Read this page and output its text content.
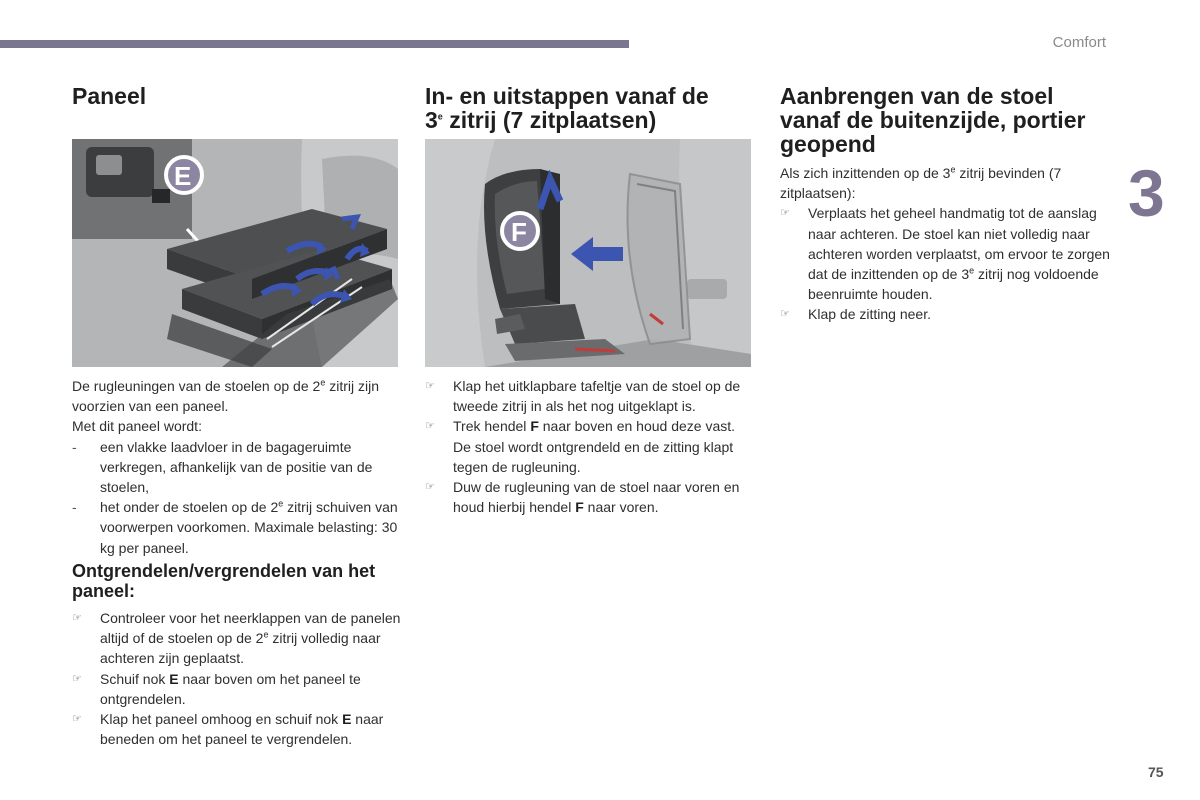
Comfort
3
75
Paneel
E

De rugleuningen van de stoelen op de 2e zitrij zijn voorzien van een paneel.

Met dit paneel wordt:

-	een vlakke laadvloer in de bagageruimte verkregen, afhankelijk van de positie van de stoelen,
-	het onder de stoelen op de 2e zitrij schuiven van voorwerpen voorkomen. Maximale belasting: 30 kg per paneel.
Ontgrendelen/vergrendelen van het paneel:
☞	Controleer voor het neerklappen van de panelen altijd of de stoelen op de 2e zitrij volledig naar achteren zijn geplaatst.
☞	Schuif nok E naar boven om het paneel te ontgrendelen.
☞	Klap het paneel omhoog en schuif nok E naar beneden om het paneel te vergrendelen.
In- en uitstappen vanaf de
3e zitrij (7 zitplaatsen)
F
☞	Klap het uitklapbare tafeltje van de stoel op de tweede zitrij in als het nog uitgeklapt is.
☞	Trek hendel F naar boven en houd deze vast. De stoel wordt ontgrendeld en de zitting klapt tegen de rugleuning.
☞	Duw de rugleuning van de stoel naar voren en houd hierbij hendel F naar voren.
Aanbrengen van de stoel vanaf de buitenzijde, portier geopend

Als zich inzittenden op de 3e zitrij bevinden (7 zitplaatsen):

☞	Verplaats het geheel handmatig tot de aanslag naar achteren. De stoel kan niet volledig naar achteren worden verplaatst, om ervoor te zorgen dat de inzittenden op de 3e zitrij nog voldoende beenruimte houden.
☞	Klap de zitting neer.
